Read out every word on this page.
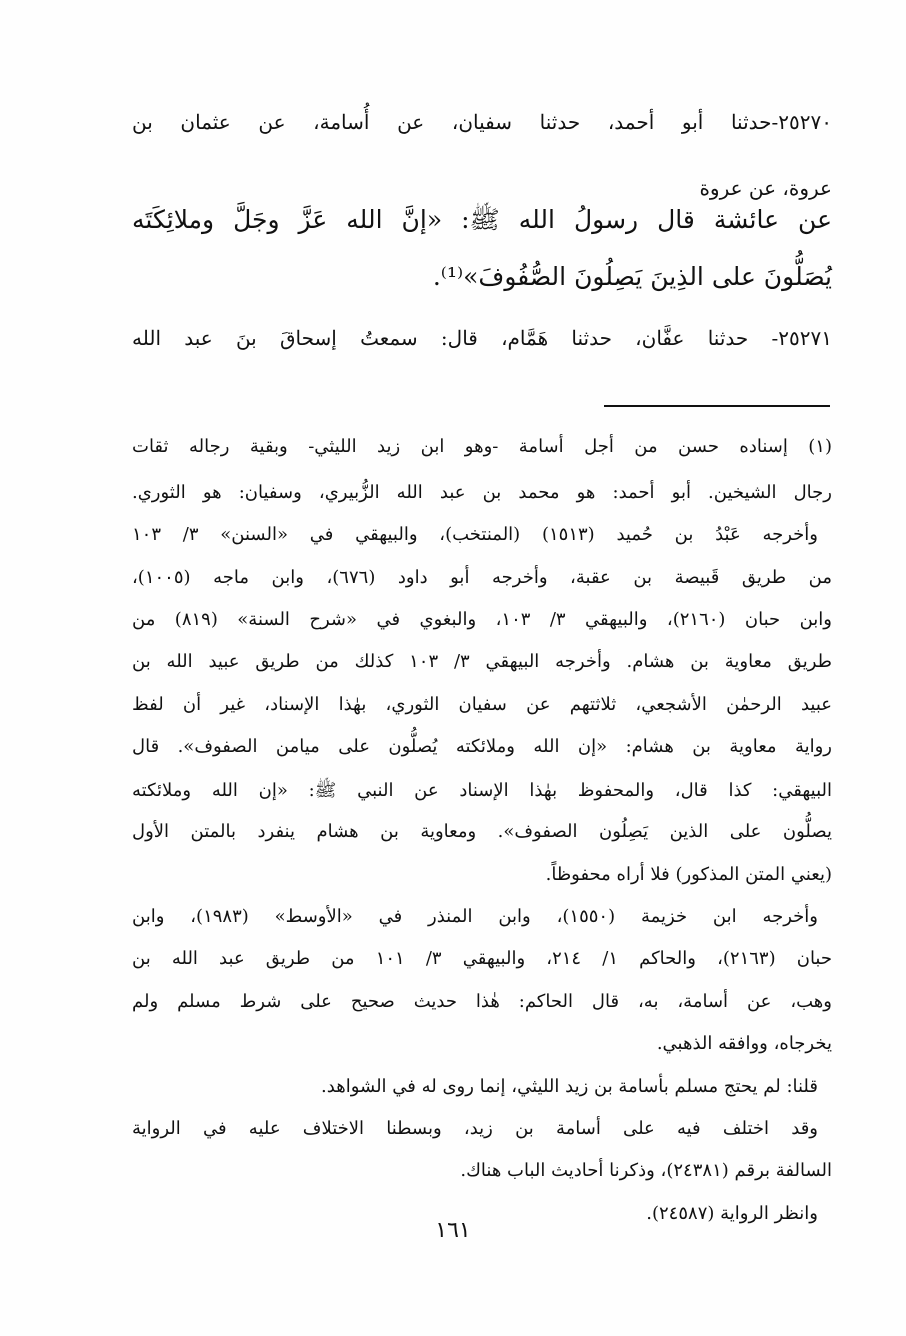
٢٥٢٧٠-حدثنا أبو أحمد، حدثنا سفيان، عن أُسامة، عن عثمان بن
عروة، عن عروة
عن عائشة قال رسولُ الله ﷺ: «إنَّ الله عَزَّ وجَلَّ وملائِكَتَه
يُصَلُّونَ على الذِينَ يَصِلُونَ الصُّفُوفَ»⁽¹⁾.
٢٥٢٧١- حدثنا عفَّان، حدثنا هَمَّام، قال: سمعتُ إسحاقَ بنَ عبد الله
(١) إسناده حسن من أجل أسامة -وهو ابن زيد الليثي- وبقية رجاله ثقات
رجال الشيخين. أبو أحمد: هو محمد بن عبد الله الزُّبيري، وسفيان: هو الثوري.
وأخرجه عَبْدُ بن حُميد (١٥١٣) (المنتخب)، والبيهقي في «السنن» ٣/ ١٠٣
من طريق قَبيصة بن عقبة، وأخرجه أبو داود (٦٧٦)، وابن ماجه (١٠٠٥)،
وابن حبان (٢١٦٠)، والبيهقي ٣/ ١٠٣، والبغوي في «شرح السنة» (٨١٩) من
طريق معاوية بن هشام. وأخرجه البيهقي ٣/ ١٠٣ كذلك من طريق عبيد الله بن
عبيد الرحمٰن الأشجعي، ثلاثتهم عن سفيان الثوري، بهٰذا الإسناد، غير أن لفظ
رواية معاوية بن هشام: «إن الله وملائكته يُصلُّون على ميامن الصفوف». قال
البيهقي: كذا قال، والمحفوظ بهٰذا الإسناد عن النبي ﷺ: «إن الله وملائكته
يصلُّون على الذين يَصِلُون الصفوف». ومعاوية بن هشام ينفرد بالمتن الأول
(يعني المتن المذكور) فلا أراه محفوظاً.
وأخرجه ابن خزيمة (١٥٥٠)، وابن المنذر في «الأوسط» (١٩٨٣)، وابن
حبان (٢١٦٣)، والحاكم ١/ ٢١٤، والبيهقي ٣/ ١٠١ من طريق عبد الله بن
وهب، عن أسامة، به، قال الحاكم: هٰذا حديث صحيح على شرط مسلم ولم
يخرجاه، ووافقه الذهبي.
قلنا: لم يحتج مسلم بأسامة بن زيد الليثي، إنما روى له في الشواهد.
وقد اختلف فيه على أسامة بن زيد، وبسطنا الاختلاف عليه في الرواية
السالفة برقم (٢٤٣٨١)، وذكرنا أحاديث الباب هناك.
وانظر الرواية (٢٤٥٨٧).
١٦١
